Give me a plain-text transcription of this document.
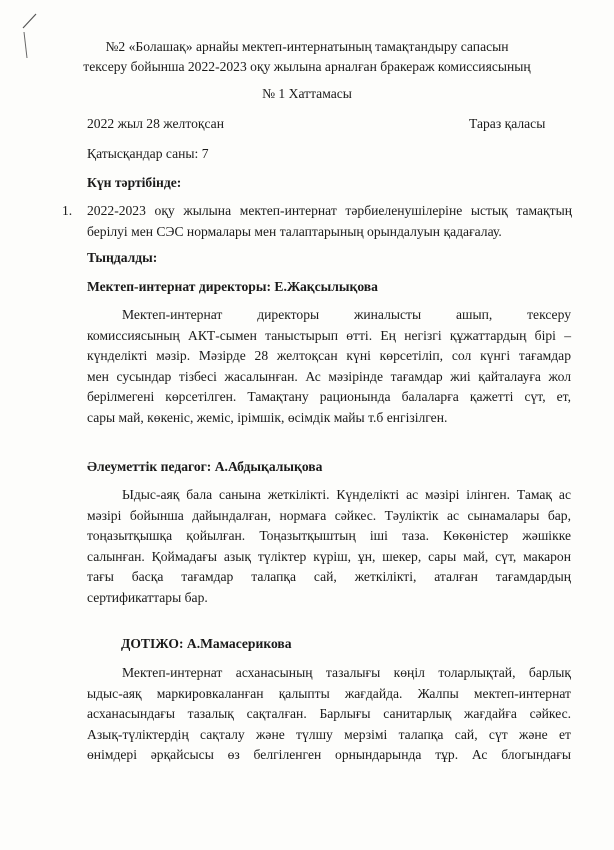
№2 «Болашақ» арнайы мектеп-интернатының тамақтандыру сапасын
тексеру бойынша 2022-2023 оқу жылына арналған бракераж комиссиясының
№ 1 Хаттамасы
2022 жыл 28 желтоқсан	Тараз қаласы
Қатысқандар саны: 7
Күн тәртібінде:
1. 2022-2023 оқу жылына мектеп-интернат тәрбиеленушілеріне ыстық тамақтың
берілуі мен СЭС нормалары мен талаптарының орындалуын қадағалау.
Тыңдалды:
Мектеп-интернат директоры: Е.Жақсылықова
Мектеп-интернат директоры жиналысты ашып, тексеру
комиссиясының АКТ-сымен таныстырып өтті. Ең негізгі құжаттардың бірі –
күнделікті мәзір. Мәзірде 28 желтоқсан күні көрсетіліп, сол күнгі тағамдар
мен сусындар тізбесі жасалынған. Ас мәзірінде тағамдар жиі қайталауға жол
берілмегені көрсетілген. Тамақтану рационында балаларға қажетті сүт, ет,
сары май, көкеніс, жеміс, ірімшік, өсімдік майы т.б енгізілген.
Әлеуметтік педагог: А.Абдықалықова
Ыдыс-аяқ бала санына жеткілікті. Күнделікті ас мәзірі ілінген. Тамақ ас
мәзірі бойынша дайындалған, нормаға сәйкес. Тәуліктік ас сынамалары бар,
тоңазытқышқа қойылған. Тоңазытқыштың іші таза. Көкөністер жәшікке
салынған. Қоймадағы азық түліктер күріш, ұн, шекер, сары май, сүт, макарон
тағы басқа тағамдар талапқа сай, жеткілікті, аталған тағамдардың
сертификаттары бар.
ДОТІЖО: А.Мамасерикова
Мектеп-интернат асханасының тазалығы көңіл толарлықтай, барлық
ыдыс-аяқ маркировкаланған қалыпты жағдайда. Жалпы мектеп-интернат
асханасындағы тазалық сақталған. Барлығы санитарлық жағдайға сәйкес.
Азық-түліктердің сақталу және түлшу мерзімі талапқа сай, сүт және ет
өнімдері әрқайсысы өз белгіленген орнындарында тұр. Ас блогындағы
